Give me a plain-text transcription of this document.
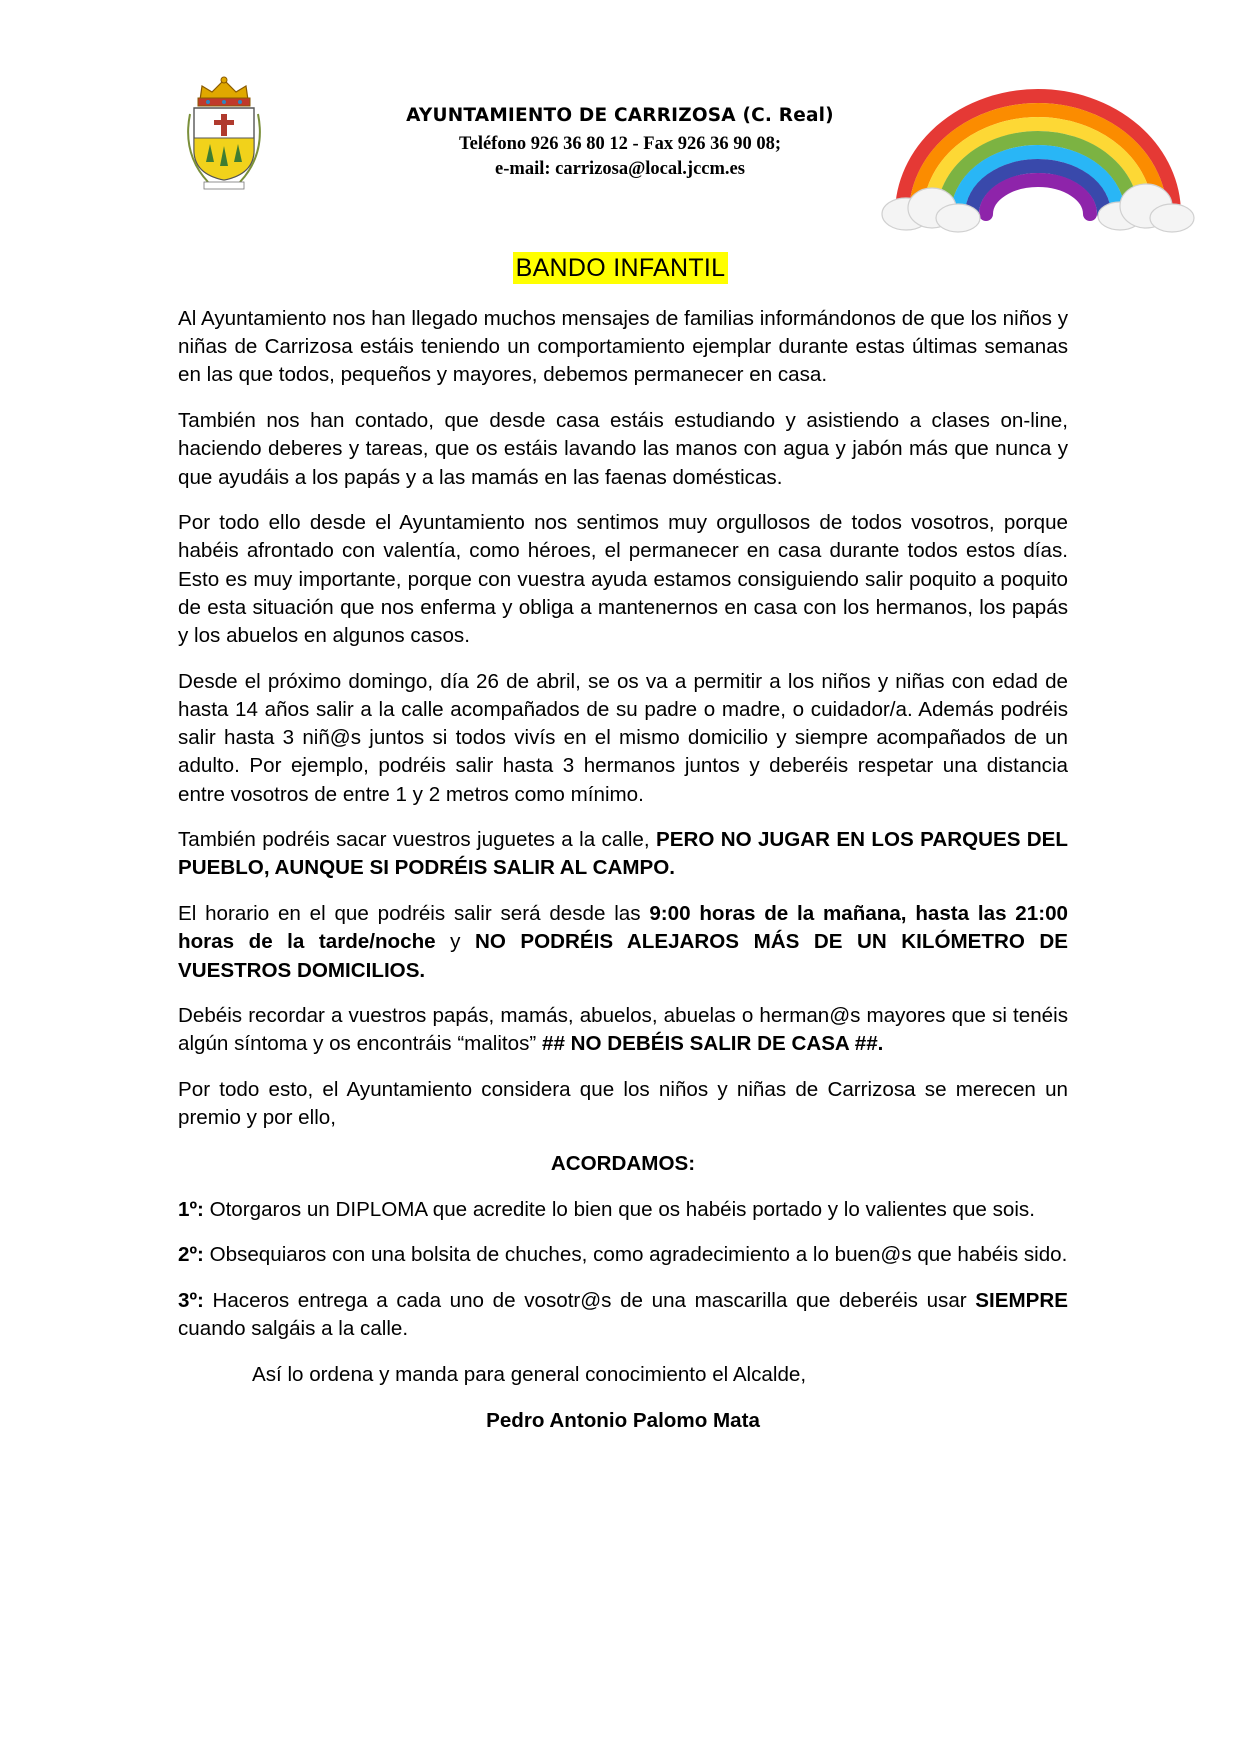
AYUNTAMIENTO DE CARRIZOSA (C. Real)
Teléfono 926 36 80 12 - Fax 926 36 90 08;
e-mail: carrizosa@local.jccm.es
BANDO INFANTIL

Al Ayuntamiento nos han llegado muchos mensajes de familias informándonos de que los niños y niñas de Carrizosa estáis teniendo un comportamiento ejemplar durante estas últimas semanas en las que todos, pequeños y mayores, debemos permanecer en casa.

También nos han contado, que desde casa estáis estudiando y asistiendo a clases on-line, haciendo deberes y tareas, que os estáis lavando las manos con agua y jabón más que nunca y que ayudáis a los papás y a las mamás en las faenas domésticas.

Por todo ello desde el Ayuntamiento nos sentimos muy orgullosos de todos vosotros, porque habéis afrontado con valentía, como héroes, el permanecer en casa durante todos estos días. Esto es muy importante, porque con vuestra ayuda estamos consiguiendo salir poquito a poquito de esta situación que nos enferma y obliga a mantenernos en casa con los hermanos, los papás y los abuelos en algunos casos.

Desde el próximo domingo, día 26 de abril, se os va a permitir a los niños y niñas con edad de hasta 14 años salir a la calle acompañados de su padre o madre, o cuidador/a. Además podréis salir hasta 3 niñ@s juntos si todos vivís en el mismo domicilio y siempre acompañados de un adulto. Por ejemplo, podréis salir hasta 3 hermanos juntos y deberéis respetar una distancia entre vosotros de entre 1 y 2 metros como mínimo.

También podréis sacar vuestros juguetes a la calle, PERO NO JUGAR EN LOS PARQUES DEL PUEBLO, AUNQUE SI PODRÉIS SALIR AL CAMPO.

El horario en el que podréis salir será desde las 9:00 horas de la mañana, hasta las 21:00 horas de la tarde/noche y NO PODRÉIS ALEJAROS MÁS DE UN KILÓMETRO DE VUESTROS DOMICILIOS.

Debéis recordar a vuestros papás, mamás, abuelos, abuelas o herman@s mayores que si tenéis algún síntoma y os encontráis “malitos” ## NO DEBÉIS SALIR DE CASA ##.

Por todo esto, el Ayuntamiento considera que los niños y niñas de Carrizosa se merecen un premio y por ello,

ACORDAMOS:

1º: Otorgaros un DIPLOMA que acredite lo bien que os habéis portado y lo valientes que sois.

2º: Obsequiaros con una bolsita de chuches, como agradecimiento a lo buen@s que habéis sido.

3º: Haceros entrega a cada uno de vosotr@s de una mascarilla que deberéis usar SIEMPRE cuando salgáis a la calle.

Así lo ordena y manda para general conocimiento el Alcalde,

Pedro Antonio Palomo Mata
